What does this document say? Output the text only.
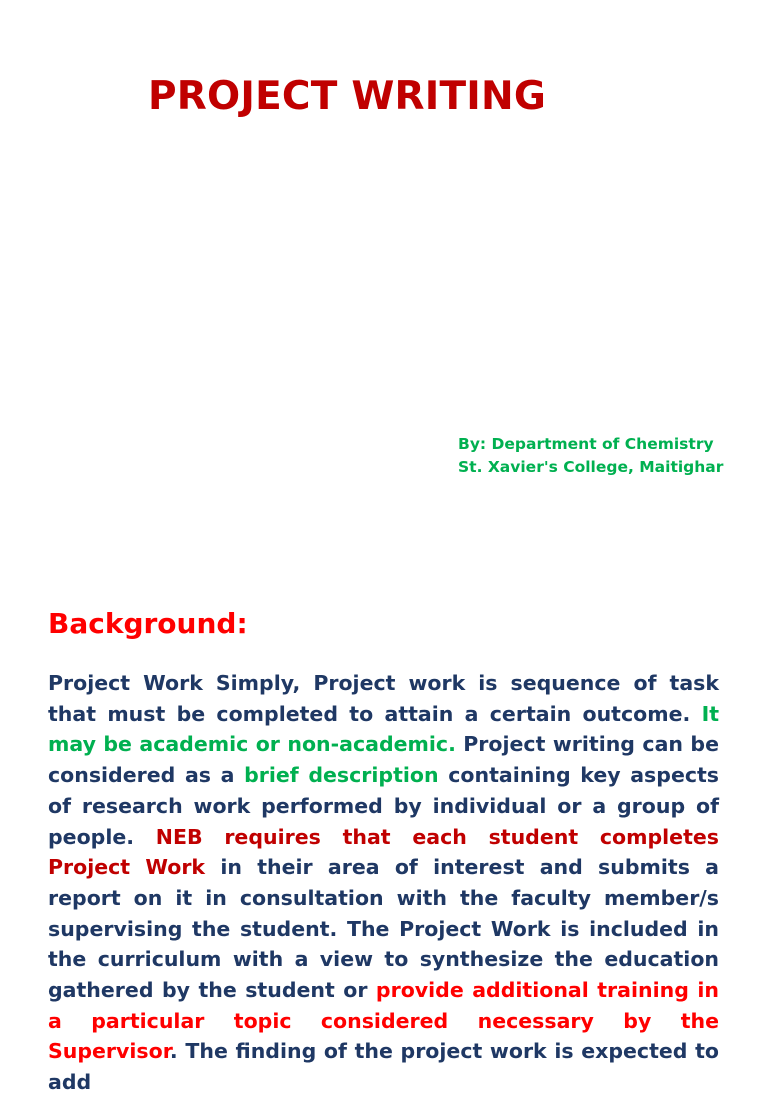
PROJECT WRITING
By: Department of Chemistry
St. Xavier's College, Maitighar
Background:
Project Work Simply, Project work is sequence of task that must be completed to attain a certain outcome. It may be academic or non-academic. Project writing can be considered as a brief description containing key aspects of research work performed by individual or a group of people. NEB requires that each student completes Project Work in their area of interest and submits a report on it in consultation with the faculty member/s supervising the student. The Project Work is included in the curriculum with a view to synthesize the education gathered by the student or provide additional training in a particular topic considered necessary by the Supervisor. The finding of the project work is expected to add
